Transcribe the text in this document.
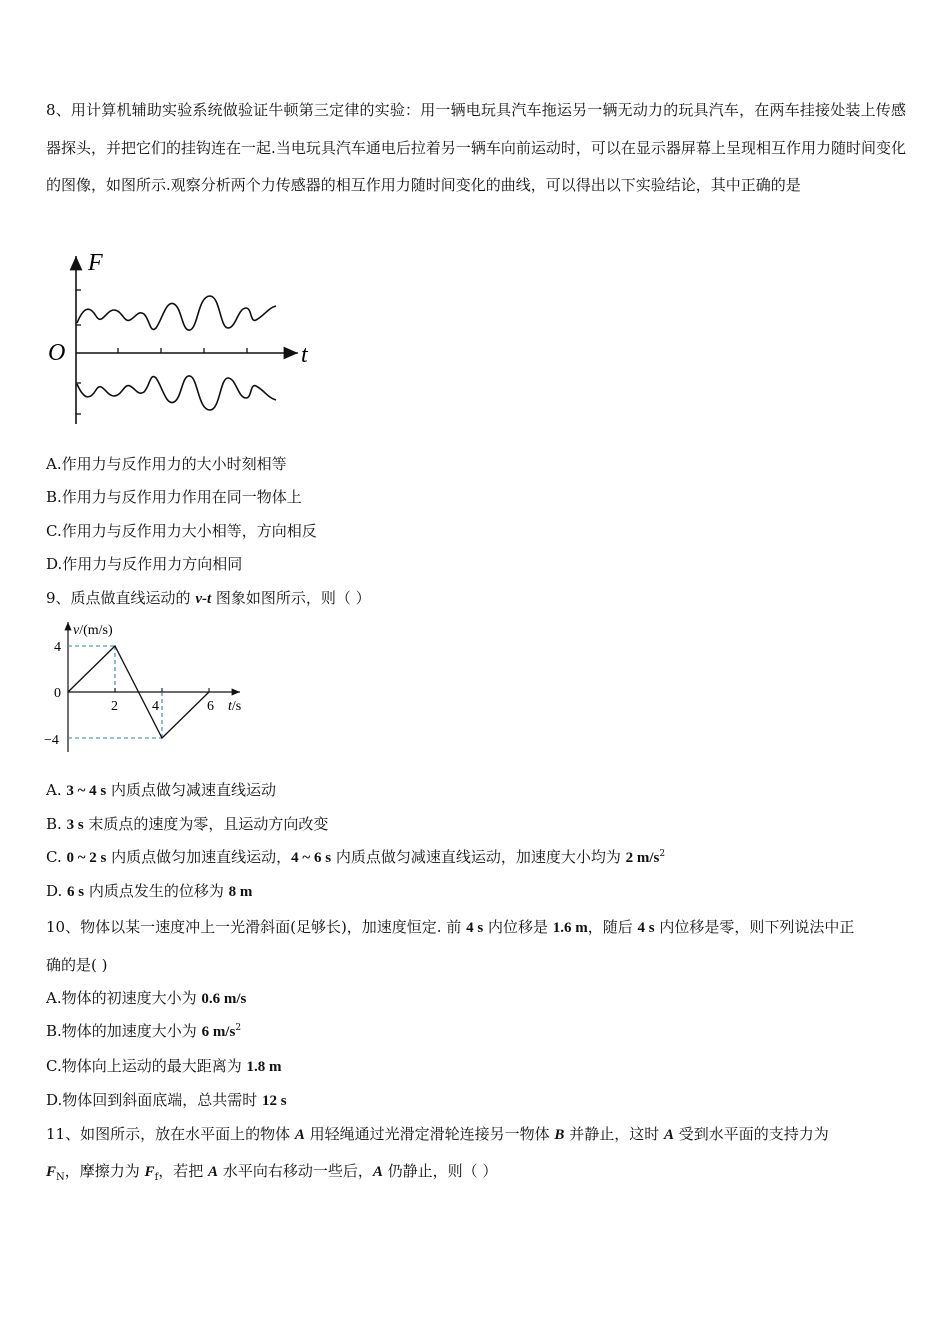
8、用计算机辅助实验系统做验证牛顿第三定律的实验：用一辆电玩具汽车拖运另一辆无动力的玩具汽车，在两车挂接处装上传感器探头，并把它们的挂钩连在一起.当电玩具汽车通电后拉着另一辆车向前运动时，可以在显示器屏幕上呈现相互作用力随时间变化的图像，如图所示.观察分析两个力传感器的相互作用力随时间变化的曲线，可以得出以下实验结论，其中正确的是
F
t
O
A.作用力与反作用力的大小时刻相等
B.作用力与反作用力作用在同一物体上
C.作用力与反作用力大小相等，方向相反
D.作用力与反作用力方向相同
9、质点做直线运动的 v-t 图象如图所示，则（ ）
v/(m/s)
t/s
4
0
−4
2 4	6
A. 3 ~ 4 s 内质点做匀减速直线运动
B. 3 s 末质点的速度为零，且运动方向改变
C. 0 ~ 2 s 内质点做匀加速直线运动，4 ~ 6 s 内质点做匀减速直线运动，加速度大小均为 2 $m/s^2$
D. 6 s 内质点发生的位移为 8 m
10、物体以某一速度冲上一光滑斜面(足够长)，加速度恒定. 前 4 s 内位移是 1.6 m，随后 4 s 内位移是零，则下列说法中正
确的是( )
A.物体的初速度大小为 0.6 m/s
B.物体的加速度大小为 6 $m/s^2$
C.物体向上运动的最大距离为 1.8 m
D.物体回到斜面底端，总共需时 12 s
11、如图所示，放在水平面上的物体 A 用轻绳通过光滑定滑轮连接另一物体 B 并静止，这时 A 受到水平面的支持力为
$F_N$，摩擦力为 $F_f$，若把 A 水平向右移动一些后，A 仍静止，则（ ）
